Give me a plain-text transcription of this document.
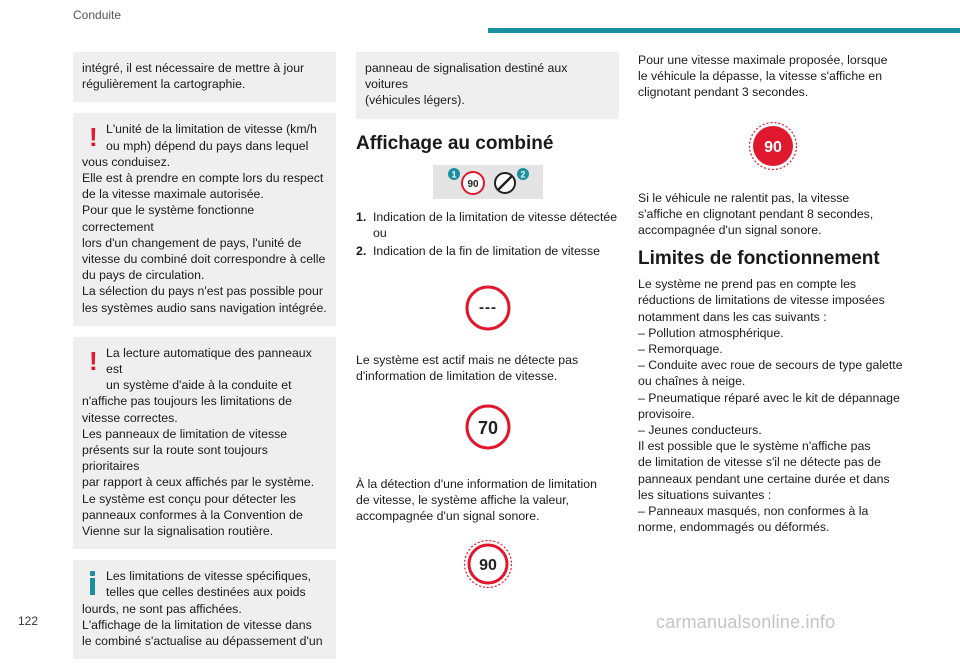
Conduite
intégré, il est nécessaire de mettre à jour
régulièrement la cartographie.
! L'unité de la limitation de vitesse (km/h
ou mph) dépend du pays dans lequel
vous conduisez.
Elle est à prendre en compte lors du respect
de la vitesse maximale autorisée.
Pour que le système fonctionne correctement
lors d'un changement de pays, l'unité de
vitesse du combiné doit correspondre à celle
du pays de circulation.
La sélection du pays n'est pas possible pour
les systèmes audio sans navigation intégrée.
! La lecture automatique des panneaux est
un système d'aide à la conduite et
n'affiche pas toujours les limitations de
vitesse correctes.
Les panneaux de limitation de vitesse
présents sur la route sont toujours prioritaires
par rapport à ceux affichés par le système.
Le système est conçu pour détecter les
panneaux conformes à la Convention de
Vienne sur la signalisation routière.
Les limitations de vitesse spécifiques,
telles que celles destinées aux poids
lourds, ne sont pas affichées.
L'affichage de la limitation de vitesse dans
le combiné s'actualise au dépassement d'un
panneau de signalisation destiné aux voitures
(véhicules légers).
Affichage au combiné
90
1	2
1. Indication de la limitation de vitesse détectée
ou
2. Indication de la fin de limitation de vitesse
---
Le système est actif mais ne détecte pas
d'information de limitation de vitesse.
70
À la détection d'une information de limitation
de vitesse, le système affiche la valeur,
accompagnée d'un signal sonore.
90
Pour une vitesse maximale proposée, lorsque
le véhicule la dépasse, la vitesse s'affiche en
clignotant pendant 3 secondes.
90
Si le véhicule ne ralentit pas, la vitesse
s'affiche en clignotant pendant 8 secondes,
accompagnée d'un signal sonore.
Limites de fonctionnement
Le système ne prend pas en compte les
réductions de limitations de vitesse imposées
notamment dans les cas suivants :
– Pollution atmosphérique.
– Remorquage.
– Conduite avec roue de secours de type galette
ou chaînes à neige.
– Pneumatique réparé avec le kit de dépannage
provisoire.
– Jeunes conducteurs.
Il est possible que le système n'affiche pas
de limitation de vitesse s'il ne détecte pas de
panneaux pendant une certaine durée et dans
les situations suivantes :
– Panneaux masqués, non conformes à la
norme, endommagés ou déformés.
122	carmanualsonline.info
